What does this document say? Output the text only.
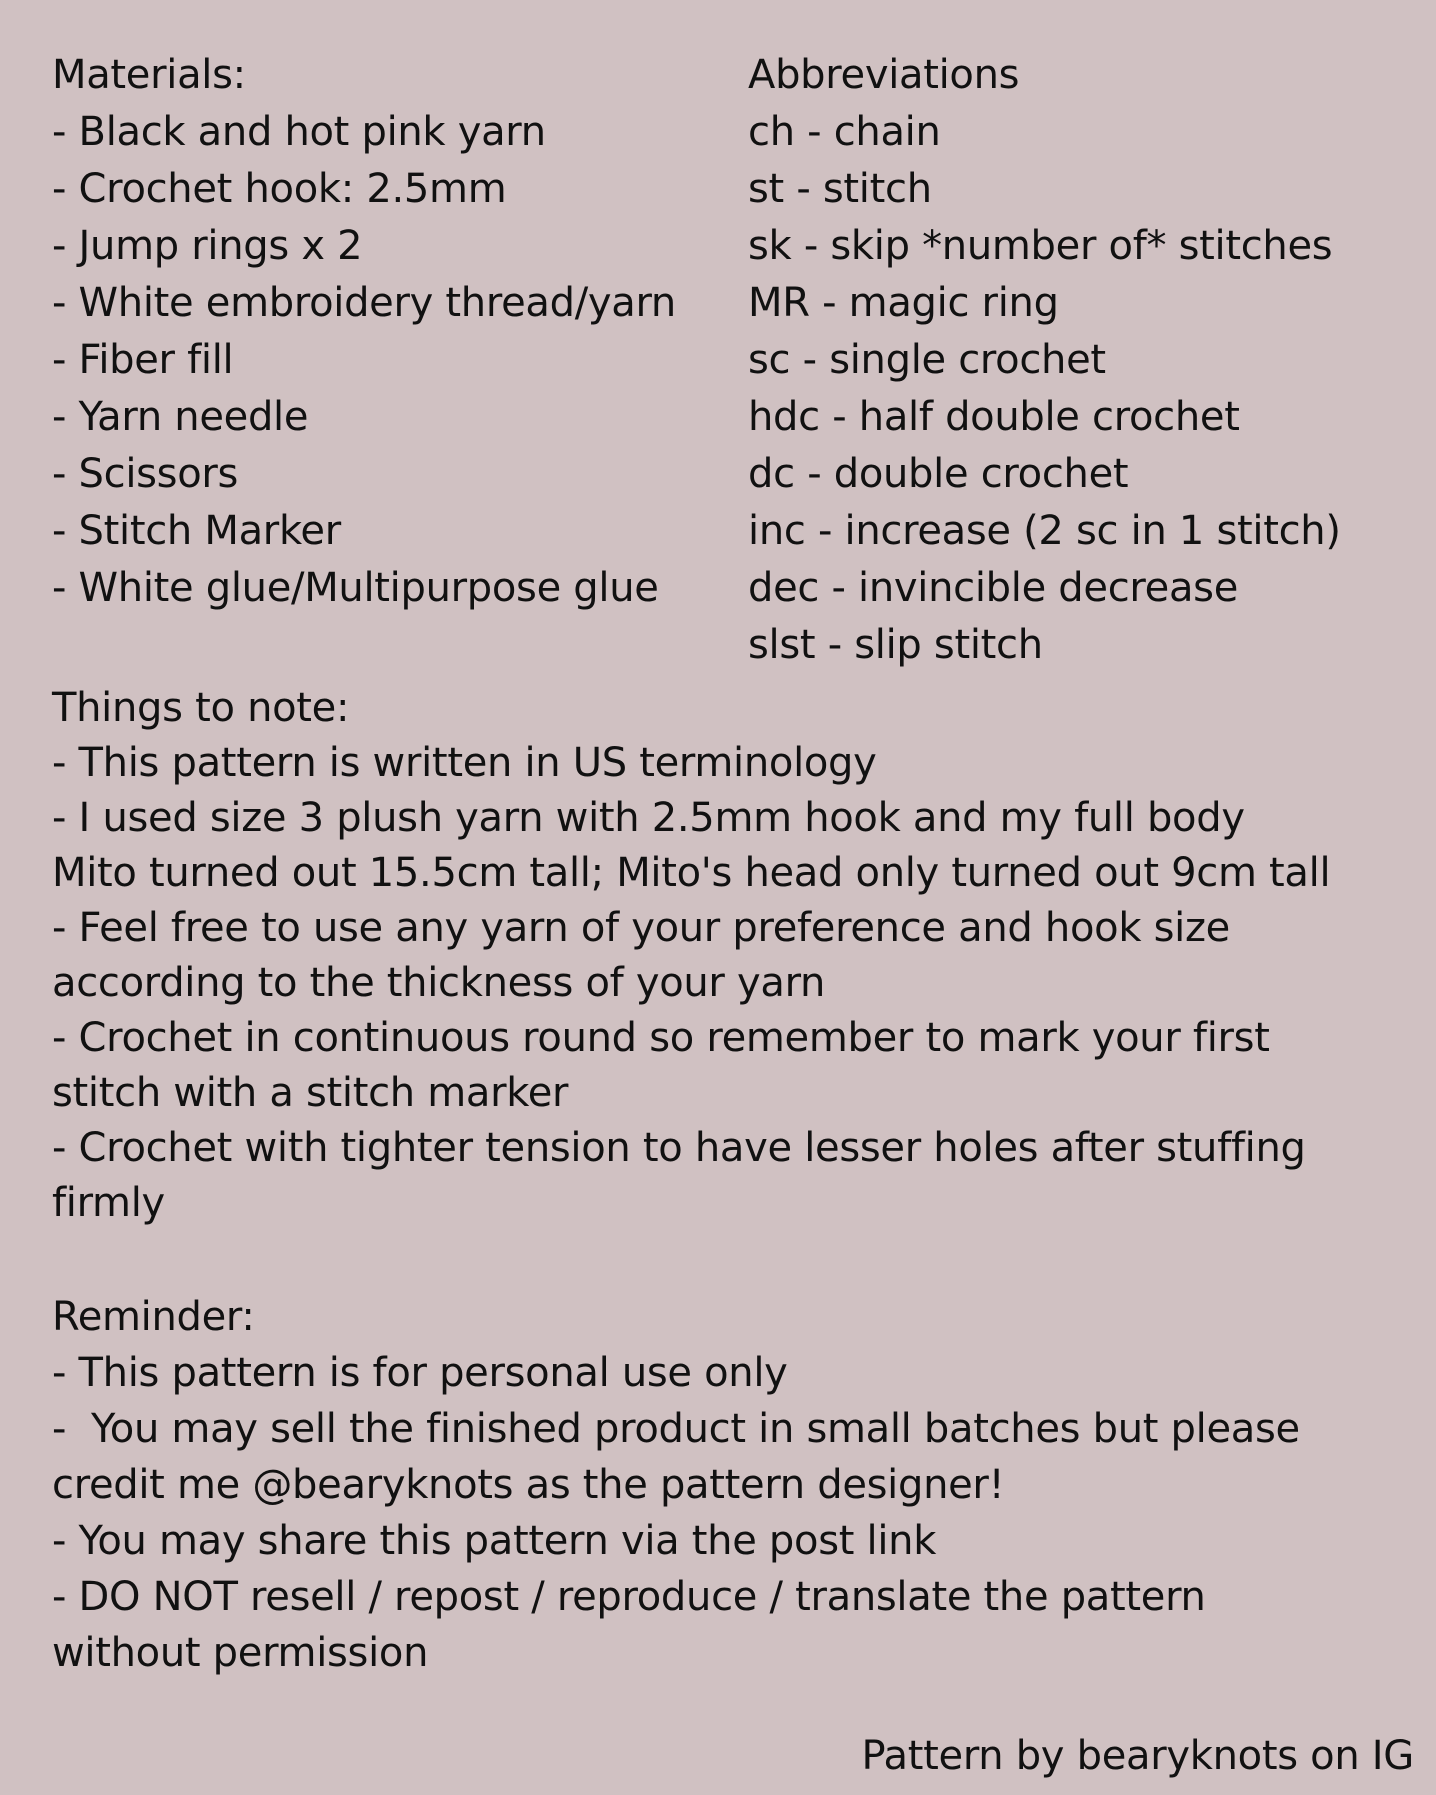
Materials:
- Black and hot pink yarn
- Crochet hook: 2.5mm
- Jump rings x 2
- White embroidery thread/yarn
- Fiber fill
- Yarn needle
- Scissors
- Stitch Marker
- White glue/Multipurpose glue
Abbreviations
ch - chain
st - stitch
sk - skip *number of* stitches
MR - magic ring
sc - single crochet
hdc - half double crochet
dc - double crochet
inc - increase (2 sc in 1 stitch)
dec - invincible decrease
slst - slip stitch
Things to note:
- This pattern is written in US terminology
- I used size 3 plush yarn with 2.5mm hook and my full body
Mito turned out 15.5cm tall; Mito's head only turned out 9cm tall
- Feel free to use any yarn of your preference and hook size
according to the thickness of your yarn
- Crochet in continuous round so remember to mark your first
stitch with a stitch marker
- Crochet with tighter tension to have lesser holes after stuffing
firmly
Reminder:
- This pattern is for personal use only
-  You may sell the finished product in small batches but please
credit me @bearyknots as the pattern designer!
- You may share this pattern via the post link
- DO NOT resell / repost / reproduce / translate the pattern
without permission
Pattern by bearyknots on IG
